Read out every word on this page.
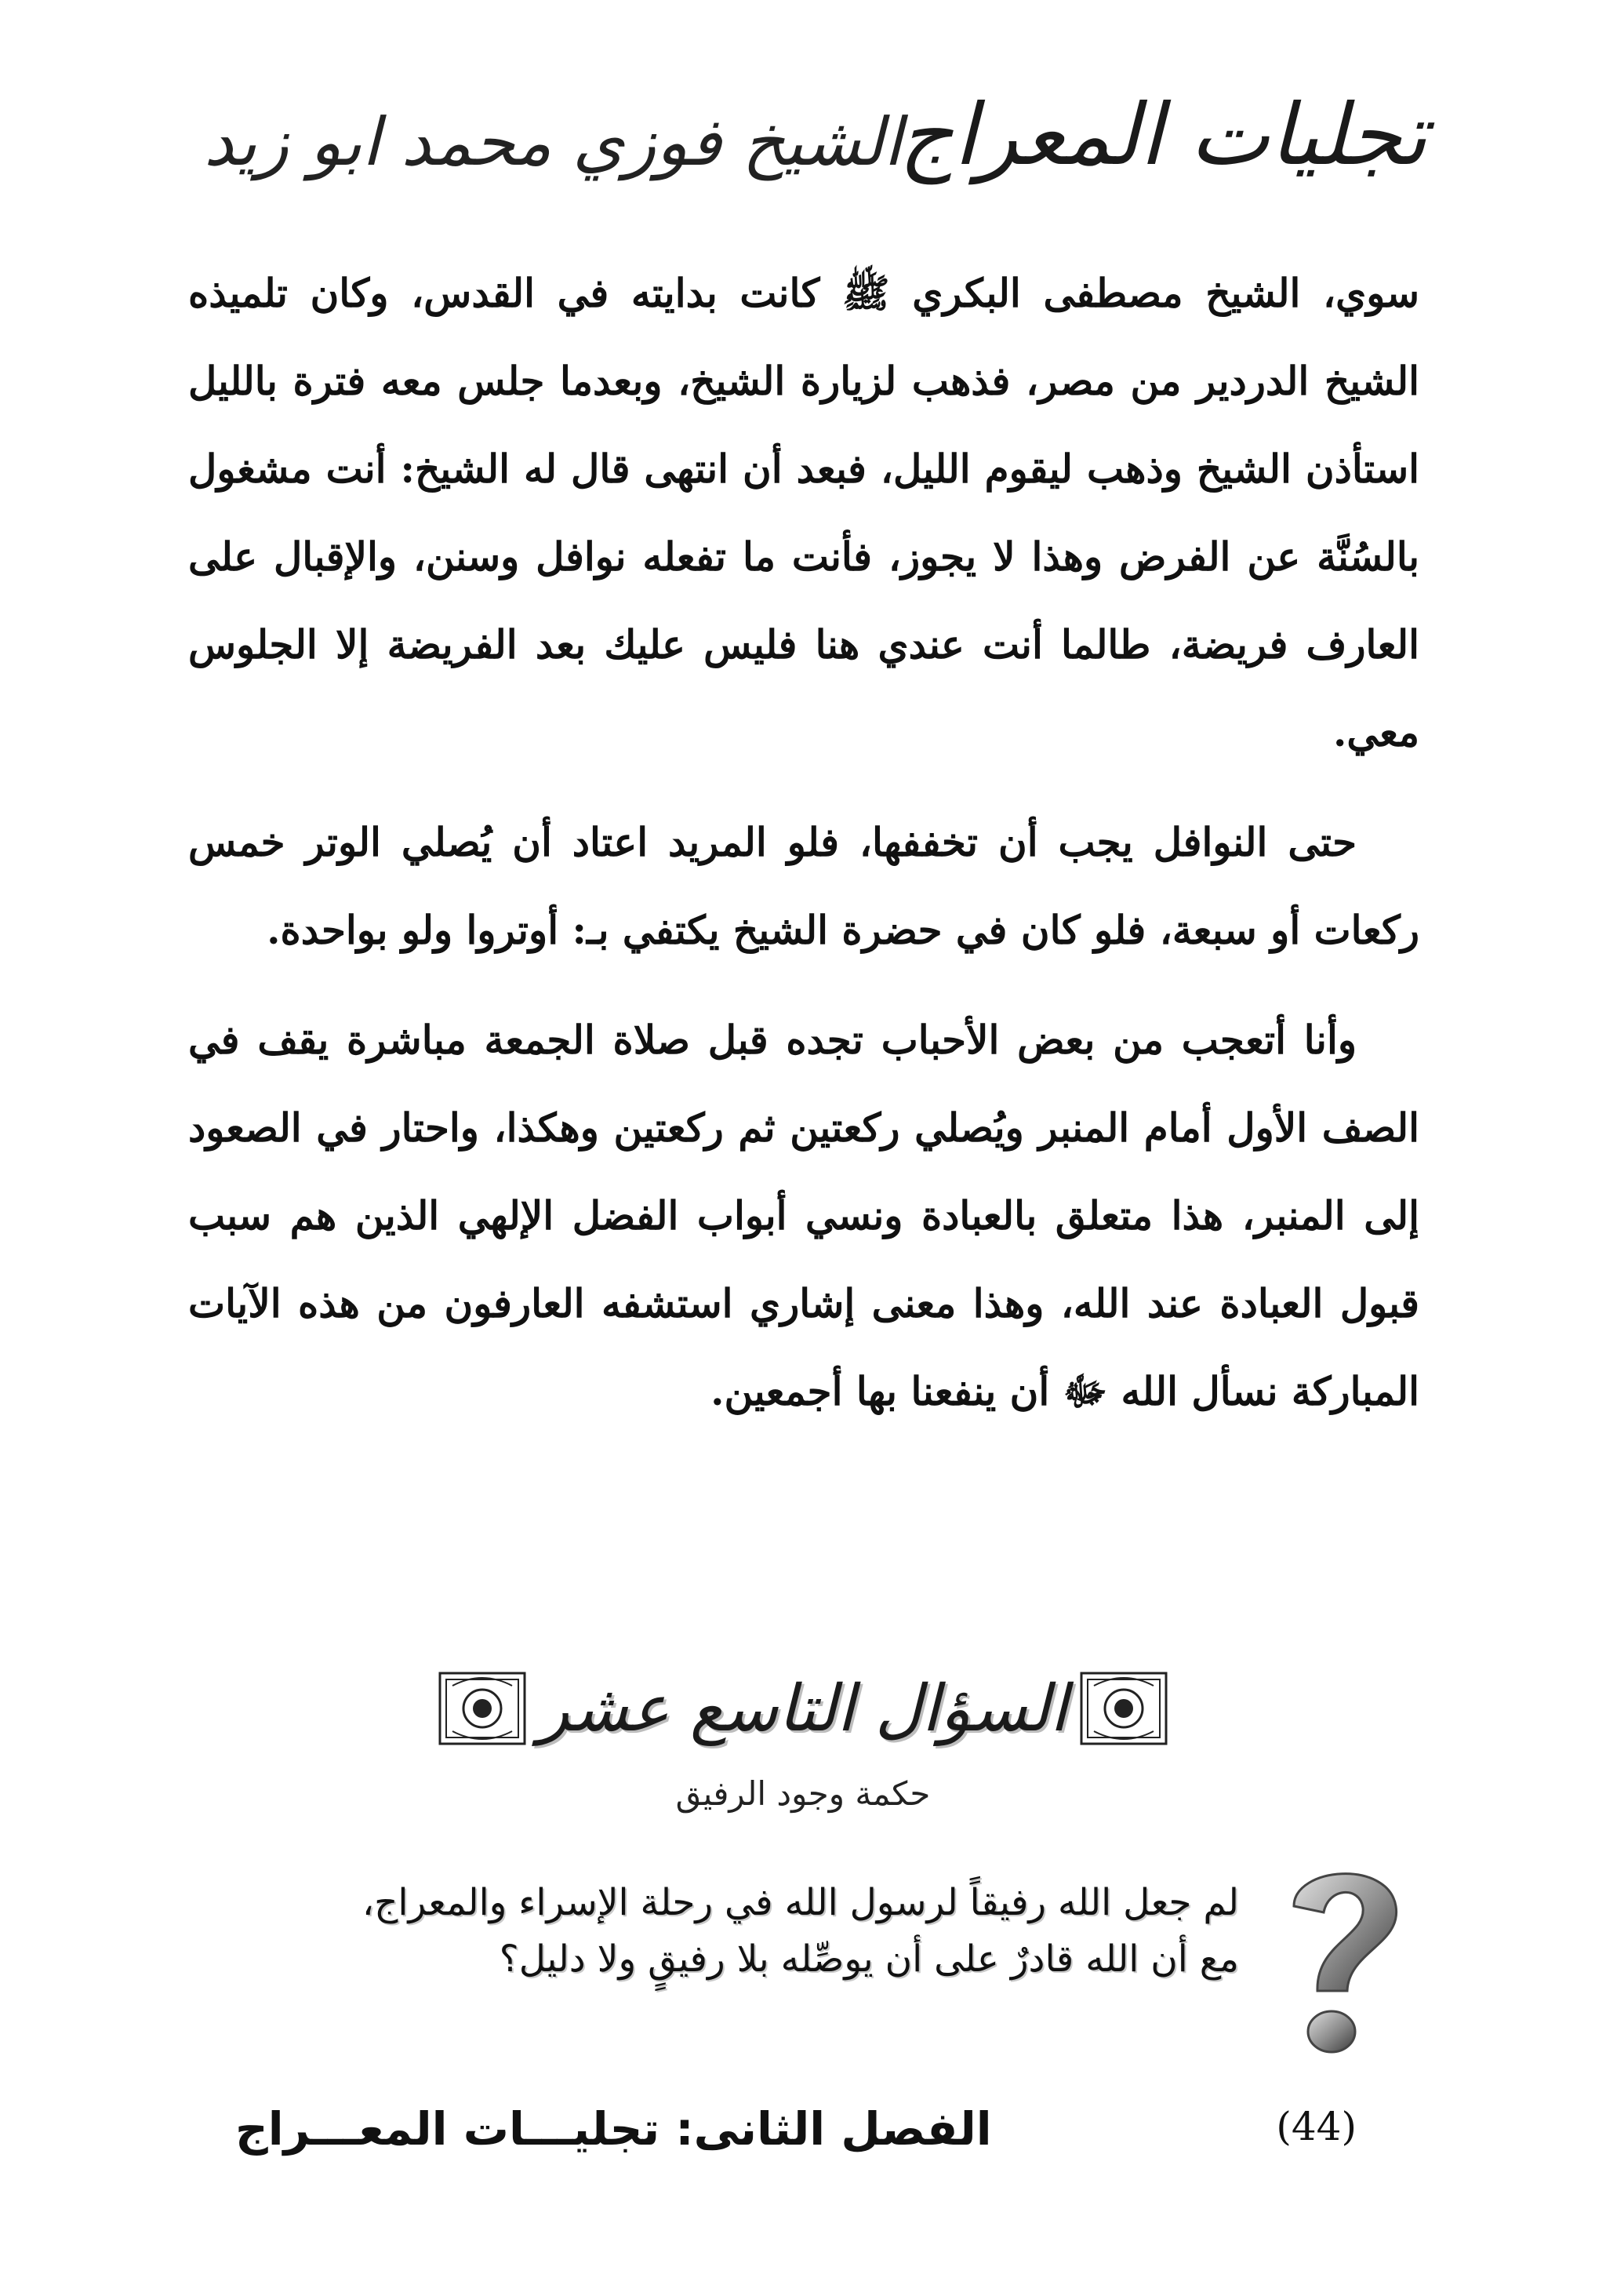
تجليات المعراج
الشيخ فوزي محمد ابو زيد

سوي، الشيخ مصطفى البكري ﷺ كانت بدايته في القدس، وكان تلميذه الشيخ الدردير من مصر، فذهب لزيارة الشيخ، وبعدما جلس معه فترة بالليل استأذن الشيخ وذهب ليقوم الليل، فبعد أن انتهى قال له الشيخ: أنت مشغول بالسُنَّة عن الفرض وهذا لا يجوز، فأنت ما تفعله نوافل وسنن، والإقبال على العارف فريضة، طالما أنت عندي هنا فليس عليك بعد الفريضة إلا الجلوس معي.

حتى النوافل يجب أن تخففها، فلو المريد اعتاد أن يُصلي الوتر خمس ركعات أو سبعة، فلو كان في حضرة الشيخ يكتفي بـ: أوتروا ولو بواحدة.

وأنا أتعجب من بعض الأحباب تجده قبل صلاة الجمعة مباشرة يقف في الصف الأول أمام المنبر ويُصلي ركعتين ثم ركعتين وهكذا، واحتار في الصعود إلى المنبر، هذا متعلق بالعبادة ونسي أبواب الفضل الإلهي الذين هم سبب قبول العبادة عند الله، وهذا معنى إشاري استشفه العارفون من هذه الآيات المباركة نسأل الله ﷻ أن ينفعنا بها أجمعين.

السؤال التاسع عشر
حكمة وجود الرفيق
لم جعل الله رفيقاً لرسول الله في رحلة الإسراء والمعراج،
مع أن الله قادرٌ على أن يوصِّله بلا رفيقٍ ولا دليل؟
الفصل الثانى: تجليـــات المعـــراج	(44)
